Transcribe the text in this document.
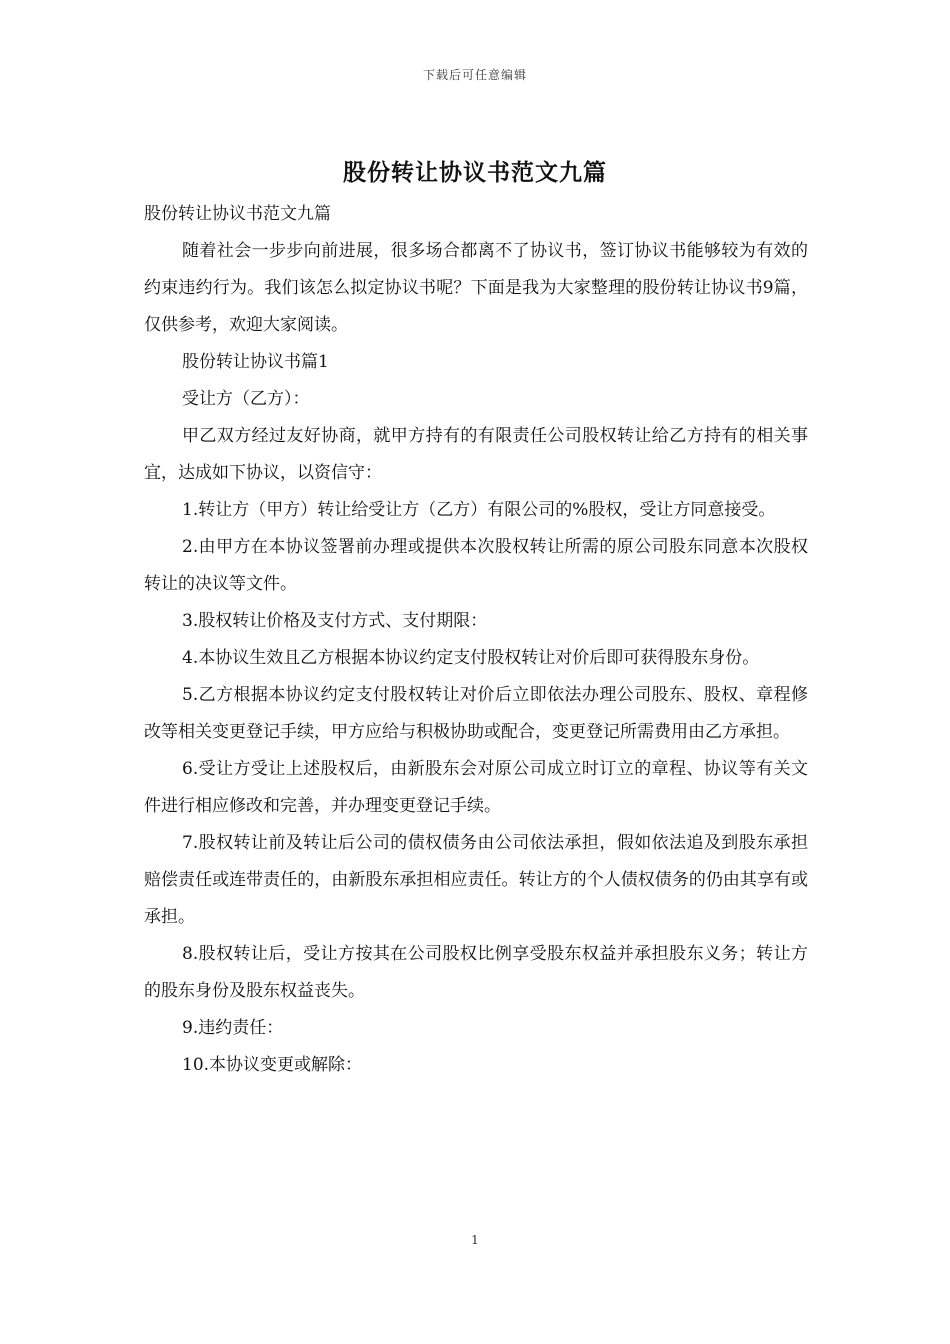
下载后可任意编辑
股份转让协议书范文九篇

股份转让协议书范文九篇

随着社会一步步向前进展，很多场合都离不了协议书，签订协议书能够较为有效的约束违约行为。我们该怎么拟定协议书呢？下面是我为大家整理的股份转让协议书9篇，仅供参考，欢迎大家阅读。

股份转让协议书篇1

受让方（乙方）：

甲乙双方经过友好协商，就甲方持有的有限责任公司股权转让给乙方持有的相关事宜，达成如下协议，以资信守：

1.转让方（甲方）转让给受让方（乙方）有限公司的%股权，受让方同意接受。

2.由甲方在本协议签署前办理或提供本次股权转让所需的原公司股东同意本次股权转让的决议等文件。

3.股权转让价格及支付方式、支付期限：

4.本协议生效且乙方根据本协议约定支付股权转让对价后即可获得股东身份。

5.乙方根据本协议约定支付股权转让对价后立即依法办理公司股东、股权、章程修改等相关变更登记手续，甲方应给与积极协助或配合，变更登记所需费用由乙方承担。

6.受让方受让上述股权后，由新股东会对原公司成立时订立的章程、协议等有关文件进行相应修改和完善，并办理变更登记手续。

7.股权转让前及转让后公司的债权债务由公司依法承担，假如依法追及到股东承担赔偿责任或连带责任的，由新股东承担相应责任。转让方的个人债权债务的仍由其享有或承担。

8.股权转让后，受让方按其在公司股权比例享受股东权益并承担股东义务；转让方的股东身份及股东权益丧失。

9.违约责任：

10.本协议变更或解除：

1
